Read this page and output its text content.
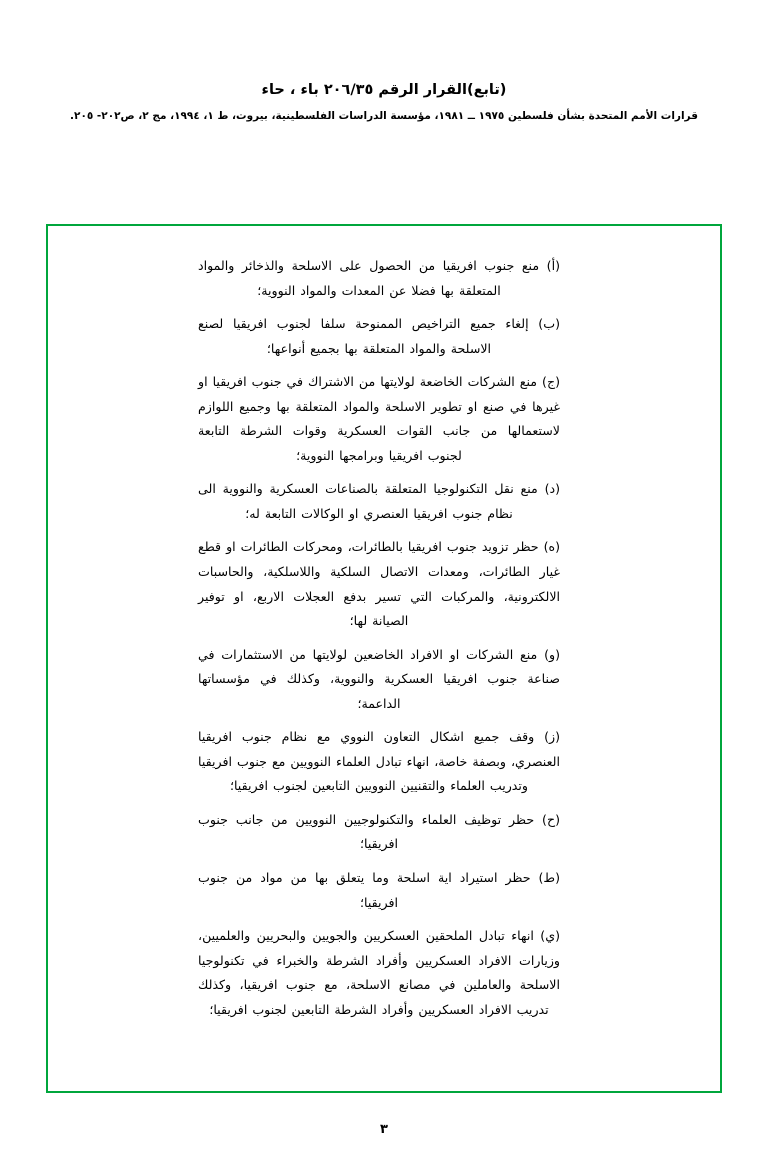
(تابع)القرار الرقم ٢٠٦/٣٥ باء ، حاء
قرارات الأمم المتحدة بشأن فلسطين ١٩٧٥ ــ ١٩٨١، مؤسسة الدراسات الفلسطينية، بيروت، ط ١، ١٩٩٤، مج ٢، ص٢٠٢- ٢٠٥.

(أ) منع جنوب افريقيا من الحصول على الاسلحة والذخائر والمواد المتعلقة بها فضلا عن المعدات والمواد النووية؛

(ب) إلغاء جميع التراخيص الممنوحة سلفا لجنوب افريقيا لصنع الاسلحة والمواد المتعلقة بها بجميع أنواعها؛

(ج) منع الشركات الخاضعة لولايتها من الاشتراك في جنوب افريقيا او غيرها في صنع او تطوير الاسلحة والمواد المتعلقة بها وجميع اللوازم لاستعمالها من جانب القوات العسكرية وقوات الشرطة التابعة لجنوب افريقيا وبرامجها النووية؛

(د) منع نقل التكنولوجيا المتعلقة بالصناعات العسكرية والنووية الى نظام جنوب افريقيا العنصري او الوكالات التابعة له؛

(ه) حظر تزويد جنوب افريقيا بالطائرات، ومحركات الطائرات او قطع غيار الطائرات، ومعدات الاتصال السلكية واللاسلكية، والحاسبات الالكترونية، والمركبات التي تسير بدفع العجلات الاربع، او توفير الصيانة لها؛

(و) منع الشركات او الافراد الخاضعين لولايتها من الاستثمارات في صناعة جنوب افريقيا العسكرية والنووية، وكذلك في مؤسساتها الداعمة؛

(ز) وقف جميع اشكال التعاون النووي مع نظام جنوب افريقيا العنصري، وبصفة خاصة، انهاء تبادل العلماء النوويين مع جنوب افريقيا وتدريب العلماء والتقنيين النوويين التابعين لجنوب افريقيا؛

(ح) حظر توظيف العلماء والتكنولوجيين النوويين من جانب جنوب افريقيا؛

(ط) حظر استيراد اية اسلحة وما يتعلق بها من مواد من جنوب افريقيا؛

(ي) انهاء تبادل الملحقين العسكريين والجويين والبحريين والعلميين، وزيارات الافراد العسكريين وأفراد الشرطة والخبراء في تكنولوجيا الاسلحة والعاملين في مصانع الاسلحة، مع جنوب افريقيا، وكذلك تدريب الافراد العسكريين وأفراد الشرطة التابعين لجنوب افريقيا؛

٣
